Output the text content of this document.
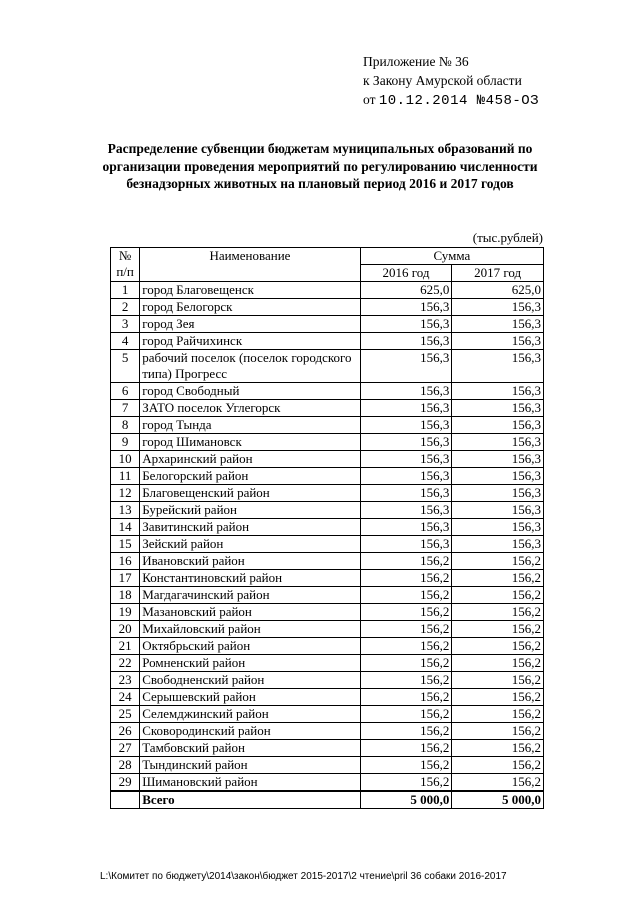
Приложение № 36
к Закону Амурской области
от 10.12.2014 №458-ОЗ
Распределение субвенции бюджетам муниципальных образований по организации проведения мероприятий по регулированию численности безнадзорных животных на плановый период 2016 и 2017 годов
(тыс.рублей)
№
п/п	Наименование	Сумма	
		2016 год	2017 год
1	город Благовещенск	625,0	625,0
2	город Белогорск	156,3	156,3
3	город Зея	156,3	156,3
4	город Райчихинск	156,3	156,3
5	рабочий поселок (поселок городского типа) Прогресс	156,3	156,3
6	город Свободный	156,3	156,3
7	ЗАТО поселок Углегорск	156,3	156,3
8	город Тында	156,3	156,3
9	город Шимановск	156,3	156,3
10	Архаринский район	156,3	156,3
11	Белогорский район	156,3	156,3
12	Благовещенский район	156,3	156,3
13	Бурейский район	156,3	156,3
14	Завитинский район	156,3	156,3
15	Зейский район	156,3	156,3
16	Ивановский район	156,2	156,2
17	Константиновский район	156,2	156,2
18	Магдагачинский район	156,2	156,2
19	Мазановский район	156,2	156,2
20	Михайловский район	156,2	156,2
21	Октябрьский район	156,2	156,2
22	Ромненский район	156,2	156,2
23	Свободненский район	156,2	156,2
24	Серышевский район	156,2	156,2
25	Селемджинский район	156,2	156,2
26	Сковородинский район	156,2	156,2
27	Тамбовский район	156,2	156,2
28	Тындинский район	156,2	156,2
29	Шимановский район	156,2	156,2
	Всего	5 000,0	5 000,0
L:\Комитет по бюджету\2014\закон\бюджет 2015-2017\2 чтение\pril 36 собаки 2016-2017
